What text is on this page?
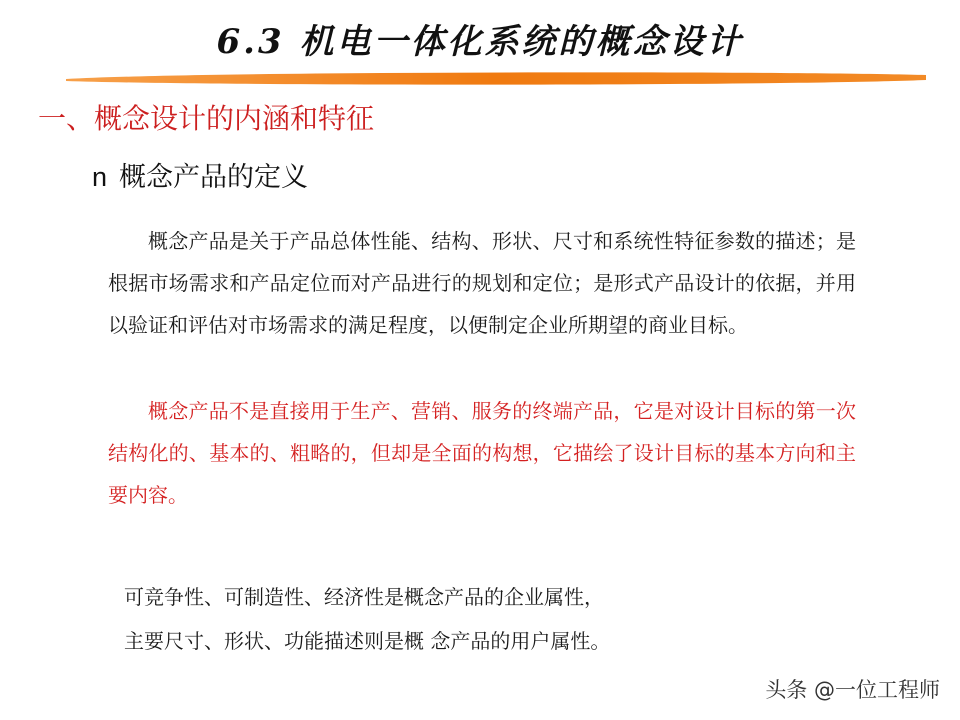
6.3 机电一体化系统的概念设计
一、概念设计的内涵和特征
n 概念产品的定义

概念产品是关于产品总体性能、结构、形状、尺寸和系统性特征参数的描述；是根据市场需求和产品定位而对产品进行的规划和定位；是形式产品设计的依据，并用以验证和评估对市场需求的满足程度，以便制定企业所期望的商业目标。

概念产品不是直接用于生产、营销、服务的终端产品，它是对设计目标的第一次结构化的、基本的、粗略的，但却是全面的构想，它描绘了设计目标的基本方向和主要内容。

可竞争性、可制造性、经济性是概念产品的企业属性，
主要尺寸、形状、功能描述则是概 念产品的用户属性。
头条 @一位工程师
